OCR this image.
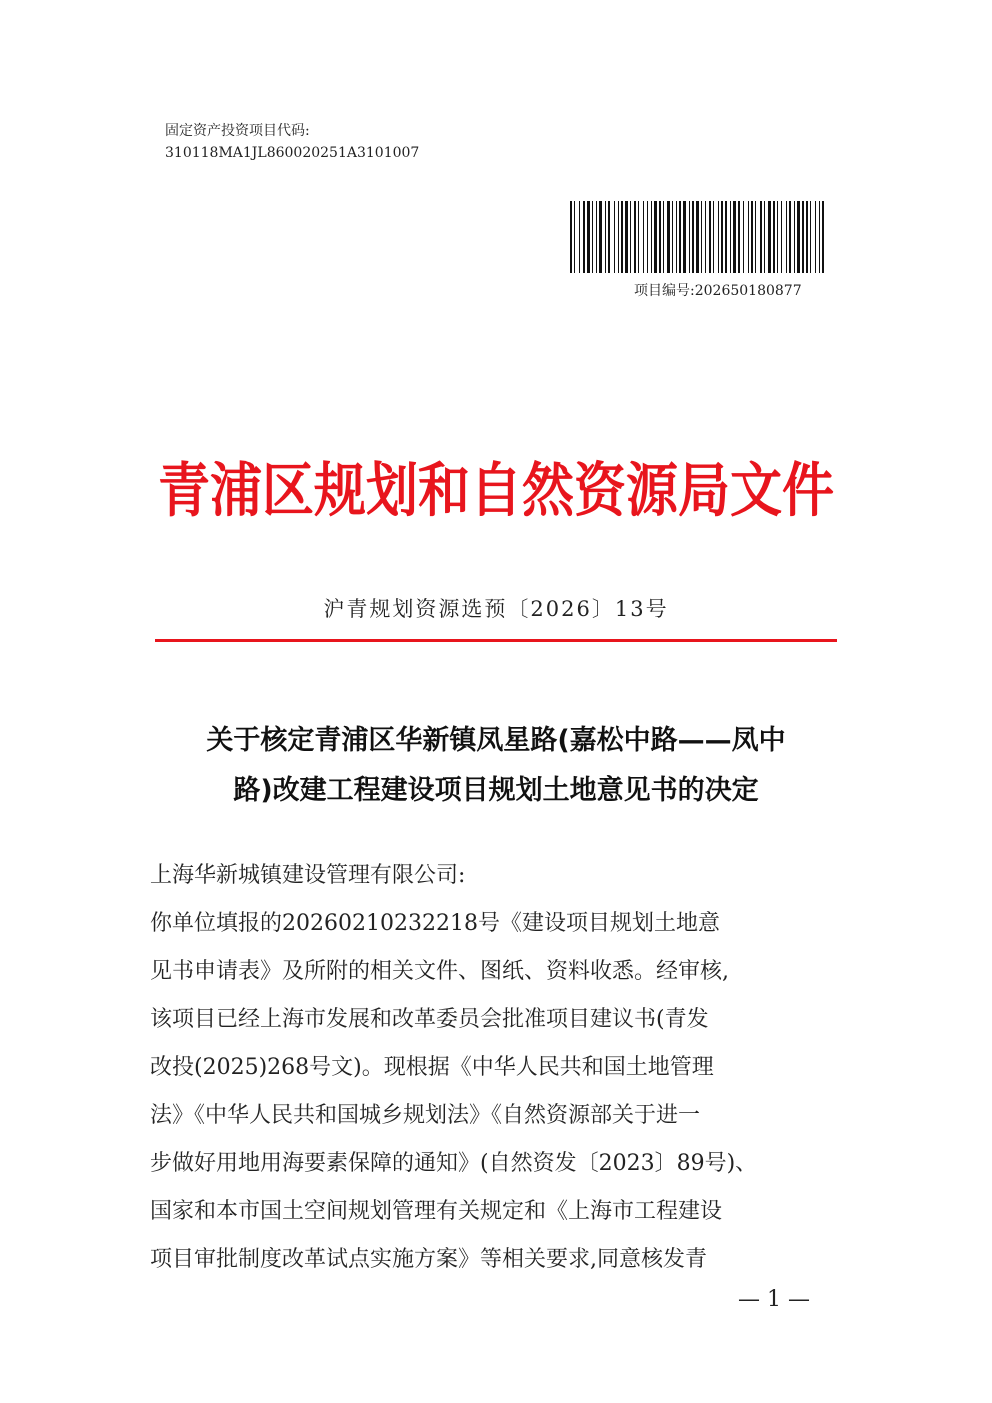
固定资产投资项目代码:
310118MA1JL860020251A3101007
项目编号:202650180877
青浦区规划和自然资源局文件
沪青规划资源选预〔2026〕13号
关于核定青浦区华新镇凤星路(嘉松中路——凤中
路)改建工程建设项目规划土地意见书的决定
上海华新城镇建设管理有限公司:
你单位填报的20260210232218号《建设项目规划土地意
见书申请表》及所附的相关文件、图纸、资料收悉。经审核,
该项目已经上海市发展和改革委员会批准项目建议书(青发
改投(2025)268号文)。现根据《中华人民共和国土地管理
法》《中华人民共和国城乡规划法》《自然资源部关于进一
步做好用地用海要素保障的通知》(自然资发〔2023〕89号)、
国家和本市国土空间规划管理有关规定和《上海市工程建设
项目审批制度改革试点实施方案》等相关要求,同意核发青
— 1 —
